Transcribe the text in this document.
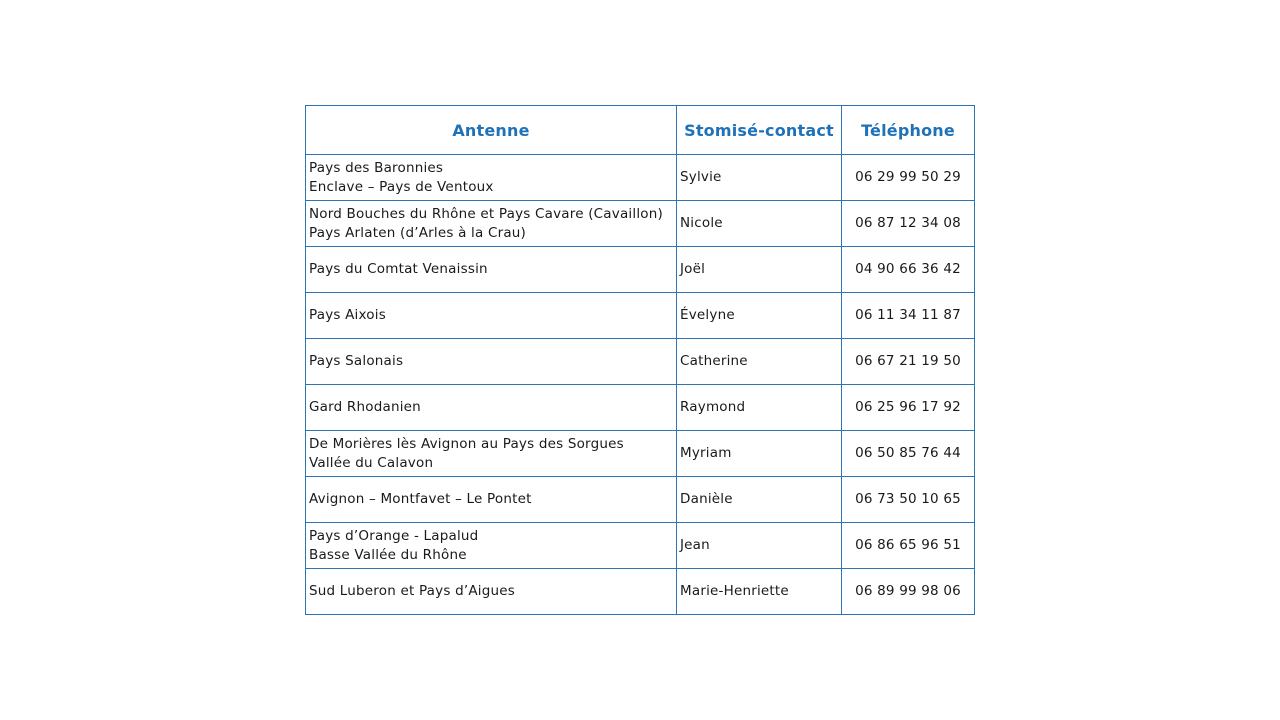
Antenne	Stomisé-contact	Téléphone

Pays des Baronnies
Enclave – Pays de Ventoux	Sylvie	06 29 99 50 29

Nord Bouches du Rhône et Pays Cavare (Cavaillon)
Pays Arlaten (d’Arles à la Crau)	Nicole	06 87 12 34 08

Pays du Comtat Venaissin	Joël	04 90 66 36 42

Pays Aixois	Évelyne	06 11 34 11 87

Pays Salonais	Catherine	06 67 21 19 50

Gard Rhodanien	Raymond	06 25 96 17 92

De Morières lès Avignon au Pays des Sorgues
Vallée du Calavon	Myriam	06 50 85 76 44

Avignon – Montfavet – Le Pontet	Danièle	06 73 50 10 65

Pays d’Orange - Lapalud
Basse Vallée du Rhône	Jean	06 86 65 96 51

Sud Luberon et Pays d’Aigues	Marie-Henriette	06 89 99 98 06
